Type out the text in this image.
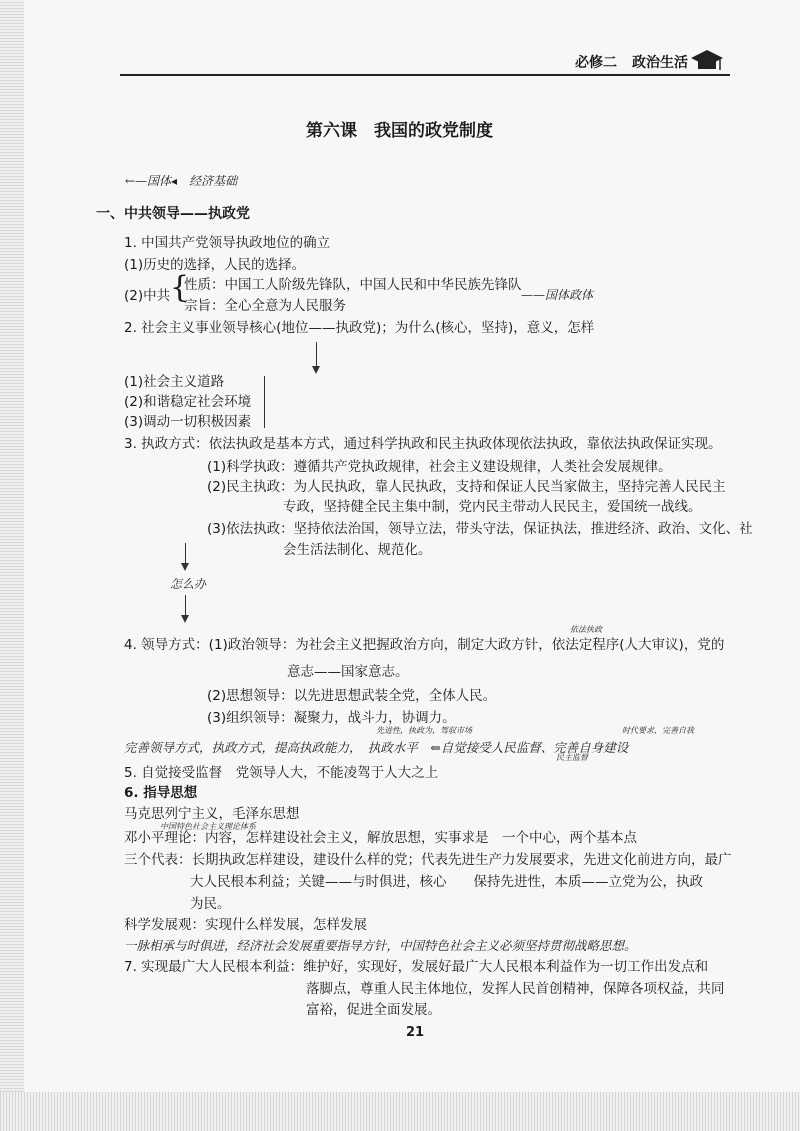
必修二 政治生活
第六课　我国的政党制度
←—国体◂　经济基础
一、中共领导——执政党
1. 中国共产党领导执政地位的确立
(1)历史的选择，人民的选择。
(2)中共 {
性质：中国工人阶级先锋队，中国人民和中华民族先锋队
——国体政体
宗旨：全心全意为人民服务
2. 社会主义事业领导核心(地位——执政党)；为什么(核心，坚持)，意义，怎样
(1)社会主义道路
(2)和谐稳定社会环境
(3)调动一切积极因素
3. 执政方式：依法执政是基本方式，通过科学执政和民主执政体现依法执政，靠依法执政保证实现。
(1)科学执政：遵循共产党执政规律，社会主义建设规律，人类社会发展规律。
(2)民主执政：为人民执政，靠人民执政，支持和保证人民当家做主，坚持完善人民民主
专政，坚持健全民主集中制，党内民主带动人民民主，爱国统一战线。
(3)依法执政：坚持依法治国，领导立法，带头守法，保证执法，推进经济、政治、文化、社
会生活法制化、规范化。
怎么办
依法执政
4. 领导方式：(1)政治领导：为社会主义把握政治方向，制定大政方针，依法定程序(人大审议)，党的
意志——国家意志。
(2)思想领导：以先进思想武装全党，全体人民。
(3)组织领导：凝聚力，战斗力，协调力。
先进性，执政为，驾驭市场	时代要求，完善自我
完善领导方式，执政方式，提高执政能力，　执政水平　⇐自觉接受人民监督、完善自身建设
民主监督
5. 自觉接受监督　党领导人大，不能凌驾于人大之上
6. 指导思想
马克思列宁主义，毛泽东思想
中国特色社会主义理论体系
邓小平理论：内容，怎样建设社会主义，解放思想，实事求是　一个中心，两个基本点
三个代表：长期执政怎样建设，建设什么样的党；代表先进生产力发展要求，先进文化前进方向，最广
大人民根本利益；关键——与时俱进，核心　　保持先进性，本质——立党为公，执政
为民。
科学发展观：实现什么样发展，怎样发展
一脉相承与时俱进，经济社会发展重要指导方针，中国特色社会主义必须坚持贯彻战略思想。
7. 实现最广大人民根本利益：维护好，实现好，发展好最广大人民根本利益作为一切工作出发点和
落脚点，尊重人民主体地位，发挥人民首创精神，保障各项权益，共同
富裕，促进全面发展。
21
